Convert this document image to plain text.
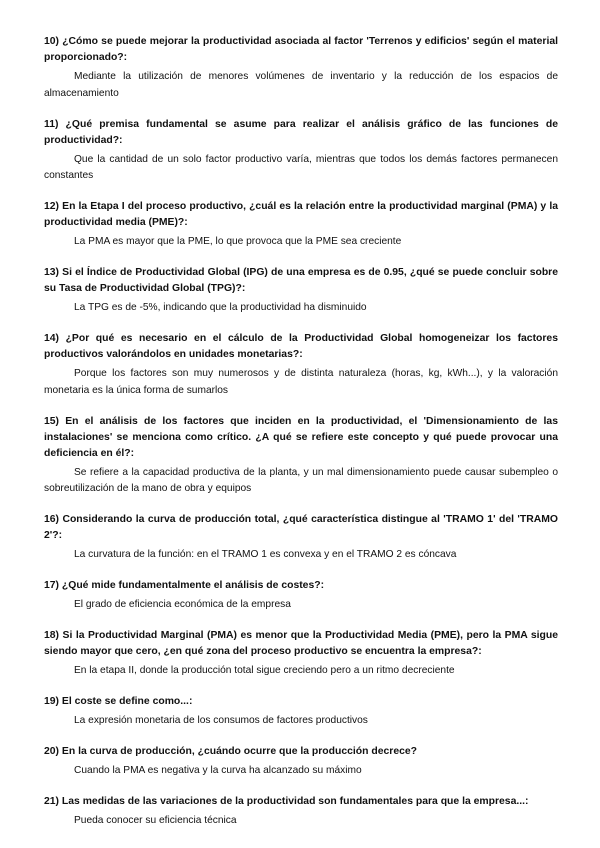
10) ¿Cómo se puede mejorar la productividad asociada al factor 'Terrenos y edificios' según el material proporcionado?:

Mediante la utilización de menores volúmenes de inventario y la reducción de los espacios de almacenamiento

11) ¿Qué premisa fundamental se asume para realizar el análisis gráfico de las funciones de productividad?:

Que la cantidad de un solo factor productivo varía, mientras que todos los demás factores permanecen constantes

12) En la Etapa I del proceso productivo, ¿cuál es la relación entre la productividad marginal (PMA) y la productividad media (PME)?:

La PMA es mayor que la PME, lo que provoca que la PME sea creciente

13) Si el Índice de Productividad Global (IPG) de una empresa es de 0.95, ¿qué se puede concluir sobre su Tasa de Productividad Global (TPG)?:

La TPG es de -5%, indicando que la productividad ha disminuido

14) ¿Por qué es necesario en el cálculo de la Productividad Global homogeneizar los factores productivos valorándolos en unidades monetarias?:

Porque los factores son muy numerosos y de distinta naturaleza (horas, kg, kWh...), y la valoración monetaria es la única forma de sumarlos

15) En el análisis de los factores que inciden en la productividad, el 'Dimensionamiento de las instalaciones' se menciona como crítico. ¿A qué se refiere este concepto y qué puede provocar una deficiencia en él?:

Se refiere a la capacidad productiva de la planta, y un mal dimensionamiento puede causar subempleo o sobreutilización de la mano de obra y equipos

16) Considerando la curva de producción total, ¿qué característica distingue al 'TRAMO 1' del 'TRAMO 2'?:

La curvatura de la función: en el TRAMO 1 es convexa y en el TRAMO 2 es cóncava

17) ¿Qué mide fundamentalmente el análisis de costes?:

El grado de eficiencia económica de la empresa

18) Si la Productividad Marginal (PMA) es menor que la Productividad Media (PME), pero la PMA sigue siendo mayor que cero, ¿en qué zona del proceso productivo se encuentra la empresa?:

En la etapa II, donde la producción total sigue creciendo pero a un ritmo decreciente

19) El coste se define como...:

La expresión monetaria de los consumos de factores productivos

20) En la curva de producción, ¿cuándo ocurre que la producción decrece?

Cuando la PMA es negativa y la curva ha alcanzado su máximo

21) Las medidas de las variaciones de la productividad son fundamentales para que la empresa...:

Pueda conocer su eficiencia técnica
